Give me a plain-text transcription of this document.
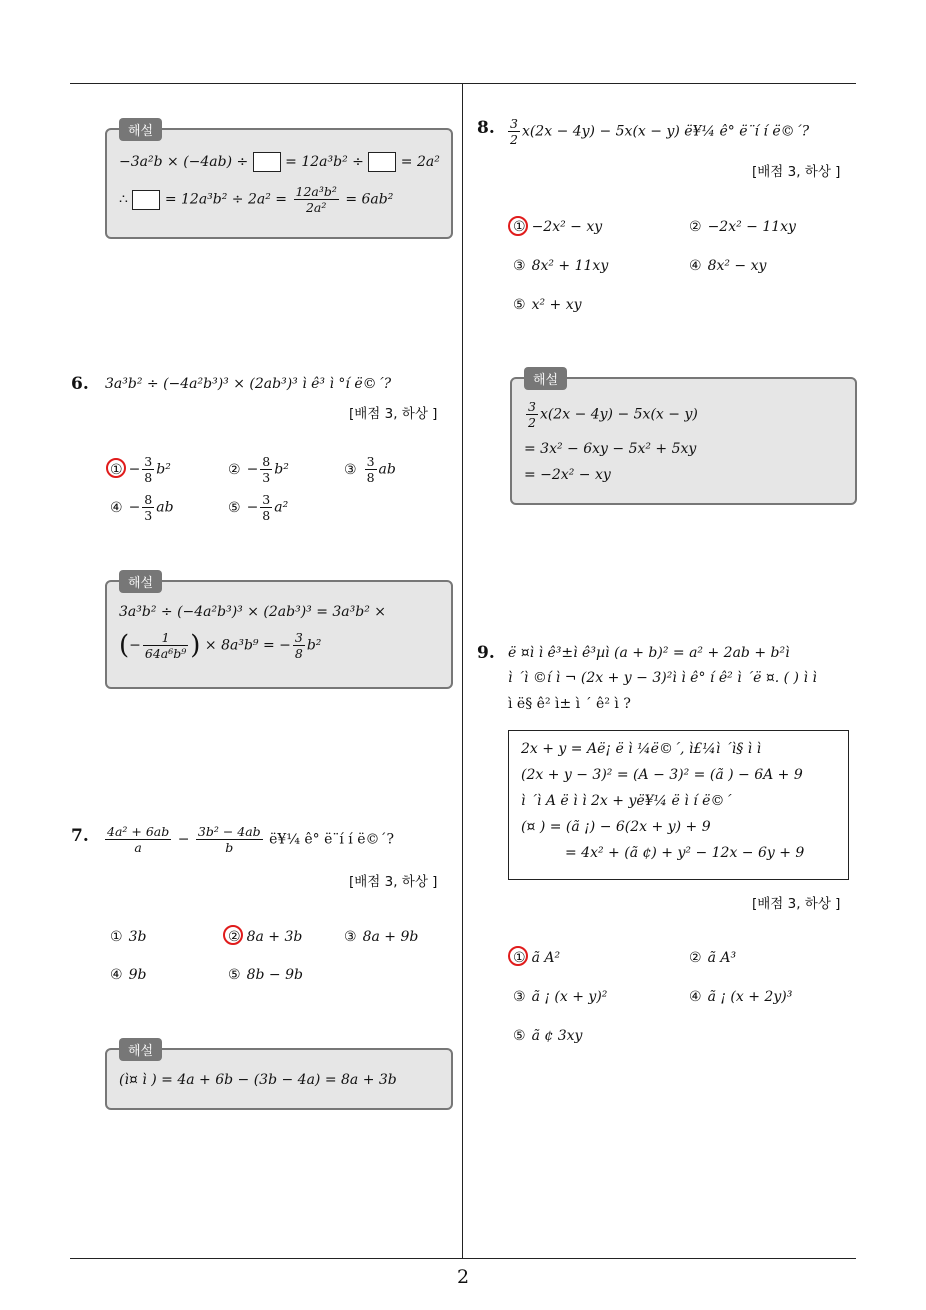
2
해설
−3a²b × (−4ab) ÷	= 12a³b² ÷	= 2a²
∴	= $12a^3b^2 \div 2a^2 = \frac{\text{12a³b²}}{\text{2a²}} = 6ab^2$
6. 3a³b² ÷ (−4a²b³)³ × (2ab³)³ ì ê³ ì °í ë©´?
[배점 3, 하상 ]
① − $\frac{3}{8} b^2$	② − $\frac{8}{3} b^2$	③ $\frac{3}{8}$ ab
④ − $\frac{8}{3}$ ab	⑤ − $\frac{3}{8} a^2$
해설
3a³b² ÷ (−4a²b³)³ × (2ab³)³ = 3a³b² ×
(− $\frac{1}{\text{64a⁶b⁹}}$ ) × 8a³b⁹ = − $\frac{3}{8} b^2$
7. $\frac{\text{4a² + 6ab}}{a} - \frac{\text{3b² − 4ab}}{b}$ ë¥¼ ê° ë¨í í ë©´?
[배점 3, 하상 ]
① 3b	② 8a + 3b	③ 8a + 9b
④ 9b	⑤ 8b − 9b
해설
(ì¤ ì ) = 4a + 6b − (3b − 4a) = 8a + 3b
8. $\frac{3}{2} x(2x - 4y) - 5x(x - y)$ ë¥¼ ê° ë¨í í ë©´?
[배점 3, 하상 ]
① −2x² − xy	② −2x² − 11xy
③ 8x² + 11xy	④ 8x² − xy
⑤ x² + xy
해설
$\frac{3}{2} x(2x - 4y) - 5x(x - y)$
= 3x² − 6xy − 5x² + 5xy
= −2x² − xy
9. ë ¤ì ì ê³±ì ê³µì (a + b)² = a² + 2ab + b²ì
ì ´ì ©í ì ¬ (2x + y − 3)²ì ì ê° í ê² ì ´ë ¤. ( ) ì ì
ì ë§ ê² ì± ì ´ ê² ì ?
2x + y = Aë¡ ë ì ¼ë©´, ì£¼ì ´ì§ ì ì
(2x + y − 3)² = (A − 3)² = (ã ) − 6A + 9
ì ´ì A ë ì ì 2x + yë¥¼ ë ì í ë©´
(¤ ) = (ã ¡) − 6(2x + y) + 9
= 4x² + (ã ¢) + y² − 12x − 6y + 9
[배점 3, 하상 ]
① ã A²	② ã A³
③ ã ¡ (x + y)²	④ ã ¡ (x + 2y)³
⑤ ã ¢ 3xy
